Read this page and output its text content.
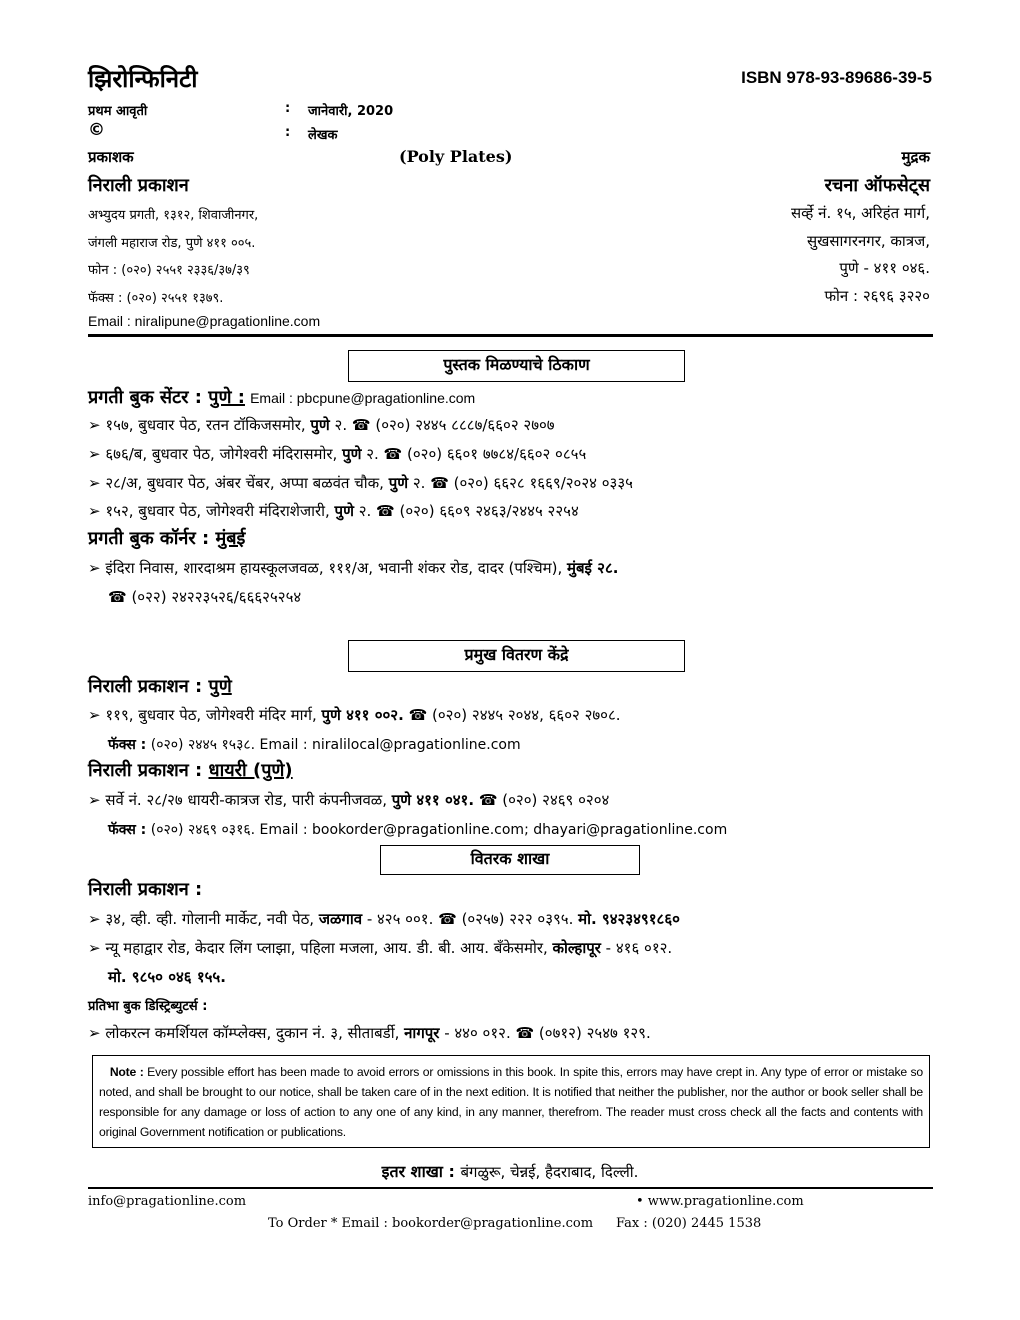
झिरोन्फिनिटी	ISBN 978-93-89686-39-5
प्रथम आवृती	: जानेवारी, 2020
©	: लेखक
प्रकाशक	(Poly Plates)	मुद्रक
निराली प्रकाशन	रचना ऑफसेट्स
अभ्युदय प्रगती, १३१२, शिवाजीनगर,	सर्व्हे नं. १५, अरिहंत मार्ग,
जंगली महाराज रोड, पुणे ४११ ००५.	सुखसागरनगर, कात्रज,
फोन : (०२०) २५५१ २३३६/३७/३९	पुणे - ४११ ०४६.
फॅक्स : (०२०) २५५१ १३७९.	फोन : २६९६ ३२२०
Email : niralipune@pragationline.com
पुस्तक मिळण्याचे ठिकाण
प्रगती बुक सेंटर : पुणे : Email : pbcpune@pragationline.com
➢ १५७, बुधवार पेठ, रतन टॉकिजसमोर, पुणे २. ☎ (०२०) २४४५ ८८८७/६६०२ २७०७
➢ ६७६/ब, बुधवार पेठ, जोगेश्वरी मंदिरासमोर, पुणे २. ☎ (०२०) ६६०१ ७७८४/६६०२ ०८५५
➢ २८/अ, बुधवार पेठ, अंबर चेंबर, अप्पा बळवंत चौक, पुणे २. ☎ (०२०) ६६२८ १६६९/२०२४ ०३३५
➢ १५२, बुधवार पेठ, जोगेश्वरी मंदिराशेजारी, पुणे २. ☎ (०२०) ६६०९ २४६३/२४४५ २२५४
प्रगती बुक कॉर्नर : मुंबई
➢ इंदिरा निवास, शारदाश्रम हायस्कूलजवळ, १११/अ, भवानी शंकर रोड, दादर (पश्चिम), मुंबई २८.
☎ (०२२) २४२२३५२६/६६६२५२५४
प्रमुख वितरण केंद्रे
निराली प्रकाशन : पुणे
➢ ११९, बुधवार पेठ, जोगेश्वरी मंदिर मार्ग, पुणे ४११ ००२. ☎ (०२०) २४४५ २०४४, ६६०२ २७०८.
फॅक्स : (०२०) २४४५ १५३८. Email : niralilocal@pragationline.com
निराली प्रकाशन : धायरी (पुणे)
➢ सर्वे नं. २८/२७ धायरी-कात्रज रोड, पारी कंपनीजवळ, पुणे ४११ ०४१. ☎ (०२०) २४६९ ०२०४
फॅक्स : (०२०) २४६९ ०३१६. Email : bookorder@pragationline.com; dhayari@pragationline.com
वितरक शाखा
निराली प्रकाशन :
➢ ३४, व्ही. व्ही. गोलानी मार्केट, नवी पेठ, जळगाव - ४२५ ००१. ☎ (०२५७) २२२ ०३९५. मो. ९४२३४९१८६०
➢ न्यू महाद्वार रोड, केदार लिंग प्लाझा, पहिला मजला, आय. डी. बी. आय. बँकेसमोर, कोल्हापूर - ४१६ ०१२.
मो. ९८५० ०४६ १५५.
प्रतिभा बुक डिस्ट्रिब्युटर्स :
➢ लोकरत्न कमर्शियल कॉम्प्लेक्स, दुकान नं. ३, सीताबर्डी, नागपूर - ४४० ०१२. ☎ (०७१२) २५४७ १२९.
Note : Every possible effort has been made to avoid errors or omissions in this book. In spite this, errors may have crept in. Any type of error or mistake so noted, and shall be brought to our notice, shall be taken care of in the next edition. It is notified that neither the publisher, nor the author or book seller shall be responsible for any damage or loss of action to any one of any kind, in any manner, therefrom. The reader must cross check all the facts and contents with original Government notification or publications.
इतर शाखा : बंगळुरू, चेन्नई, हैदराबाद, दिल्ली.
info@pragationline.com	• www.pragationline.com
To Order * Email : bookorder@pragationline.com Fax : (020) 2445 1538
